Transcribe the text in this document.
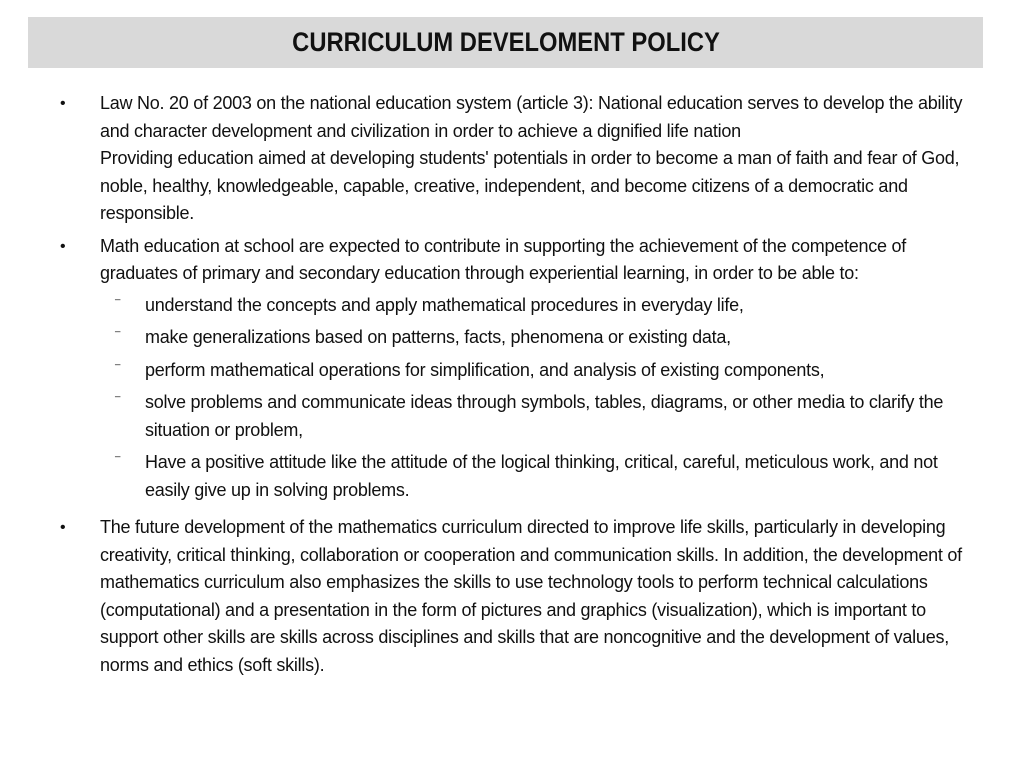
CURRICULUM DEVELOMENT POLICY
•	Law No. 20 of 2003 on the national education system (article 3): National education serves to develop the ability and character development and civilization in order to achieve a dignified life nation
Providing education aimed at developing students' potentials in order to become a man of faith and fear of God, noble, healthy, knowledgeable, capable, creative, independent, and become citizens of a democratic and responsible.
•	Math education at school are expected to contribute in supporting the achievement of the competence of graduates of primary and secondary education through experiential learning, in order to be able to:
⁻	understand the concepts and apply mathematical procedures in everyday life,
⁻	make generalizations based on patterns, facts, phenomena or existing data,
⁻	perform mathematical operations for simplification, and analysis of existing components,
⁻	solve problems and communicate ideas through symbols, tables, diagrams, or other media to clarify the situation or problem,
⁻	Have a positive attitude like the attitude of the logical thinking, critical, careful, meticulous work, and not easily give up in solving problems.
•	The future development of the mathematics curriculum directed to improve life skills, particularly in developing creativity, critical thinking, collaboration or cooperation and communication skills. In addition, the development of mathematics curriculum also emphasizes the skills to use technology tools to perform technical calculations (computational) and a presentation in the form of pictures and graphics (visualization), which is important to support other skills are skills across disciplines and skills that are noncognitive and the development of values, norms and ethics (soft skills).
